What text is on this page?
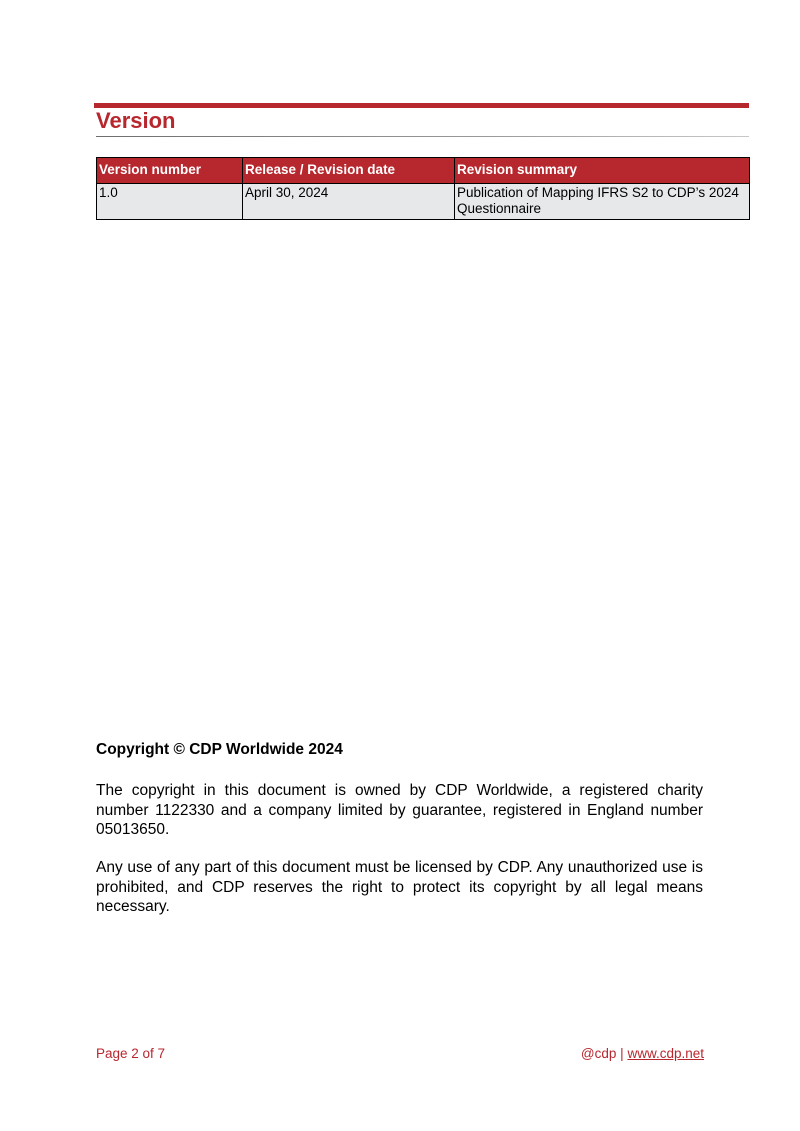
Version
Version number	Release / Revision date	Revision summary
1.0	April 30, 2024	Publication of Mapping IFRS S2 to CDP’s 2024
Questionnaire
Copyright © CDP Worldwide 2024

The copyright in this document is owned by CDP Worldwide, a registered charity number 1122330 and a company limited by guarantee, registered in England number 05013650.

Any use of any part of this document must be licensed by CDP. Any unauthorized use is prohibited, and CDP reserves the right to protect its copyright by all legal means necessary.

Page 2 of 7	@cdp | www.cdp.net
